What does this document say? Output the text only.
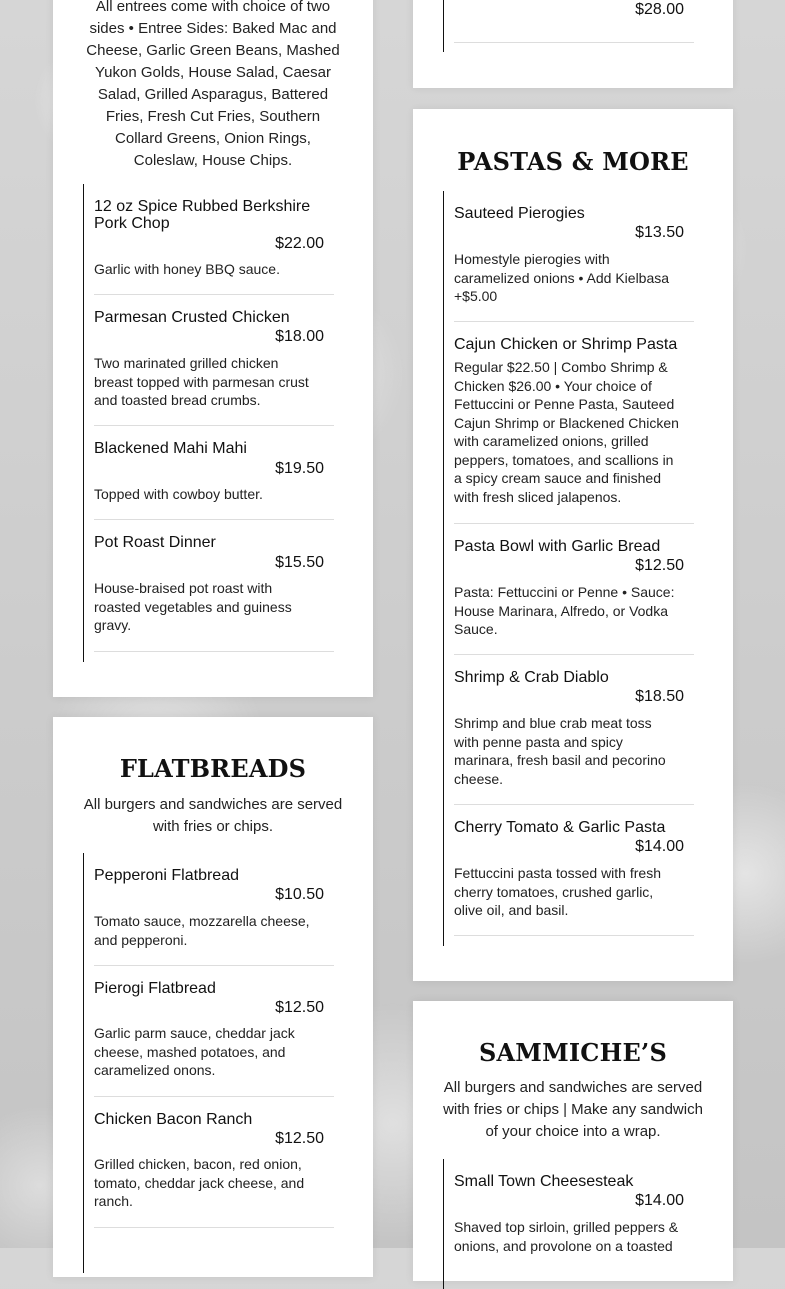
All entrees come with choice of two sides • Entree Sides: Baked Mac and Cheese, Garlic Green Beans, Mashed Yukon Golds, House Salad, Caesar Salad, Grilled Asparagus, Battered Fries, Fresh Cut Fries, Southern Collard Greens, Onion Rings, Coleslaw, House Chips.
12 oz Spice Rubbed Berkshire Pork Chop
$22.00
Garlic with honey BBQ sauce.
Parmesan Crusted Chicken
$18.00
Two marinated grilled chicken breast topped with parmesan crust and toasted bread crumbs.
Blackened Mahi Mahi
$19.50
Topped with cowboy butter.
Pot Roast Dinner
$15.50
House-braised pot roast with roasted vegetables and guiness gravy.
$28.00
PASTAS & MORE
Sauteed Pierogies
$13.50
Homestyle pierogies with caramelized onions • Add Kielbasa +$5.00
Cajun Chicken or Shrimp Pasta
Regular $22.50 | Combo Shrimp & Chicken $26.00 • Your choice of Fettuccini or Penne Pasta, Sauteed Cajun Shrimp or Blackened Chicken with caramelized onions, grilled peppers, tomatoes, and scallions in a spicy cream sauce and finished with fresh sliced jalapenos.
Pasta Bowl with Garlic Bread
$12.50
Pasta: Fettuccini or Penne • Sauce: House Marinara, Alfredo, or Vodka Sauce.
Shrimp & Crab Diablo
$18.50
Shrimp and blue crab meat toss with penne pasta and spicy marinara, fresh basil and pecorino cheese.
Cherry Tomato & Garlic Pasta
$14.00
Fettuccini pasta tossed with fresh cherry tomatoes, crushed garlic, olive oil, and basil.
FLATBREADS
All burgers and sandwiches are served with fries or chips.
Pepperoni Flatbread
$10.50
Tomato sauce, mozzarella cheese, and pepperoni.
Pierogi Flatbread
$12.50
Garlic parm sauce, cheddar jack cheese, mashed potatoes, and caramelized onons.
Chicken Bacon Ranch
$12.50
Grilled chicken, bacon, red onion, tomato, cheddar jack cheese, and ranch.
SAMMICHE’S
All burgers and sandwiches are served with fries or chips | Make any sandwich of your choice into a wrap.
Small Town Cheesesteak
$14.00
Shaved top sirloin, grilled peppers & onions, and provolone on a toasted
